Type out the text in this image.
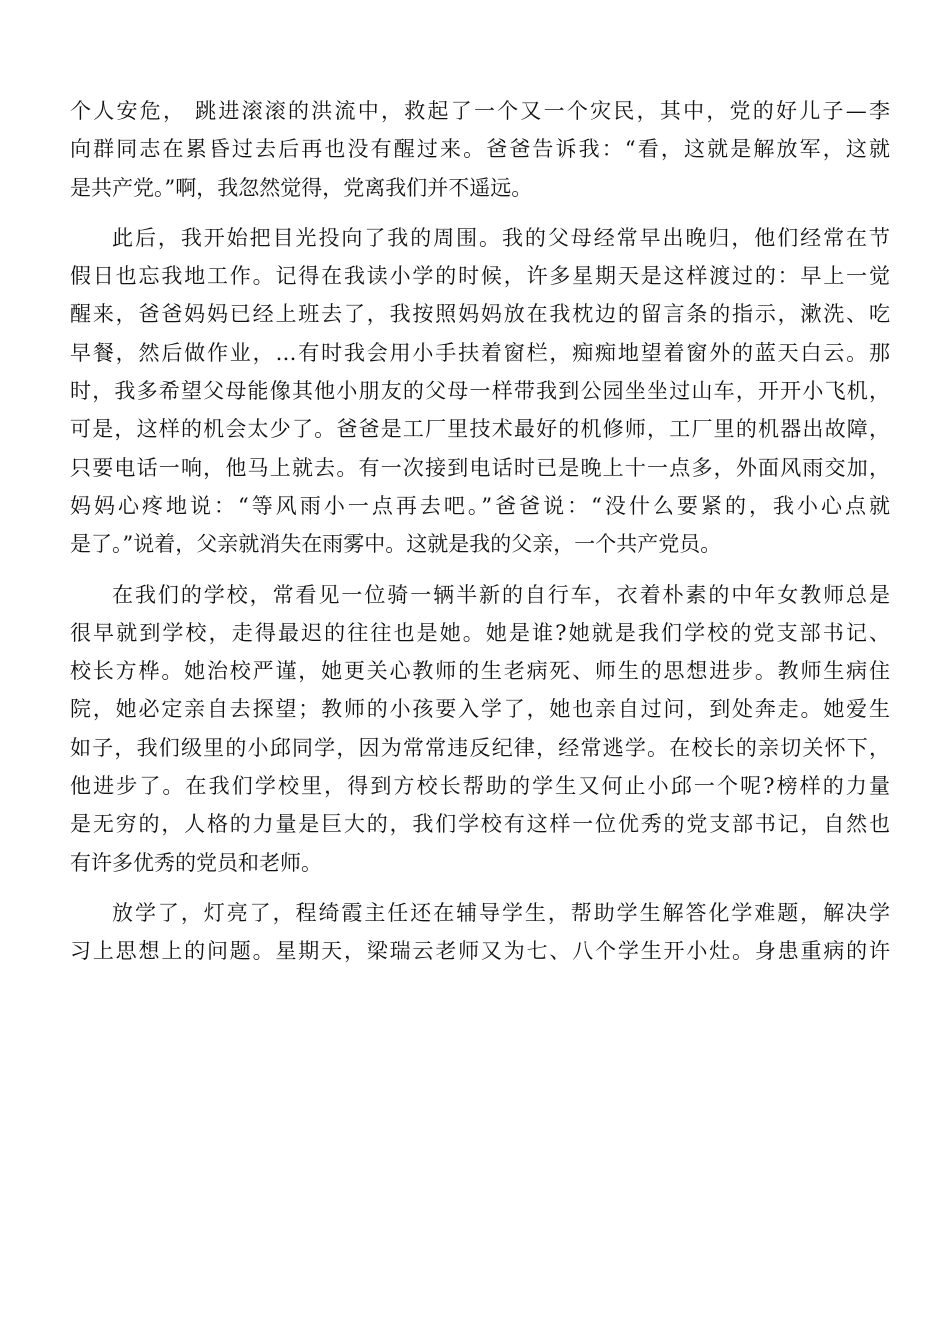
个人安危， 跳进滚滚的洪流中，救起了一个又一个灾民，其中，党的好儿子—李
向群同志在累昏过去后再也没有醒过来。爸爸告诉我：“看，这就是解放军，这就
是共产党。”啊，我忽然觉得，党离我们并不遥远。
此后，我开始把目光投向了我的周围。我的父母经常早出晚归，他们经常在节
假日也忘我地工作。记得在我读小学的时候，许多星期天是这样渡过的：早上一觉
醒来，爸爸妈妈已经上班去了，我按照妈妈放在我枕边的留言条的指示，漱洗、吃
早餐，然后做作业，…有时我会用小手扶着窗栏，痴痴地望着窗外的蓝天白云。那
时，我多希望父母能像其他小朋友的父母一样带我到公园坐坐过山车，开开小飞机，
可是，这样的机会太少了。爸爸是工厂里技术最好的机修师，工厂里的机器出故障，
只要电话一响，他马上就去。有一次接到电话时已是晚上十一点多，外面风雨交加，
妈妈心疼地说：“等风雨小一点再去吧。”爸爸说：“没什么要紧的，我小心点就
是了。”说着，父亲就消失在雨雾中。这就是我的父亲，一个共产党员。
在我们的学校，常看见一位骑一辆半新的自行车，衣着朴素的中年女教师总是
很早就到学校，走得最迟的往往也是她。她是谁?她就是我们学校的党支部书记、
校长方桦。她治校严谨，她更关心教师的生老病死、师生的思想进步。教师生病住
院，她必定亲自去探望；教师的小孩要入学了，她也亲自过问，到处奔走。她爱生
如子，我们级里的小邱同学，因为常常违反纪律，经常逃学。在校长的亲切关怀下，
他进步了。在我们学校里，得到方校长帮助的学生又何止小邱一个呢?榜样的力量
是无穷的，人格的力量是巨大的，我们学校有这样一位优秀的党支部书记，自然也
有许多优秀的党员和老师。
放学了，灯亮了，程绮霞主任还在辅导学生，帮助学生解答化学难题，解决学
习上思想上的问题。星期天，梁瑞云老师又为七、八个学生开小灶。身患重病的许
